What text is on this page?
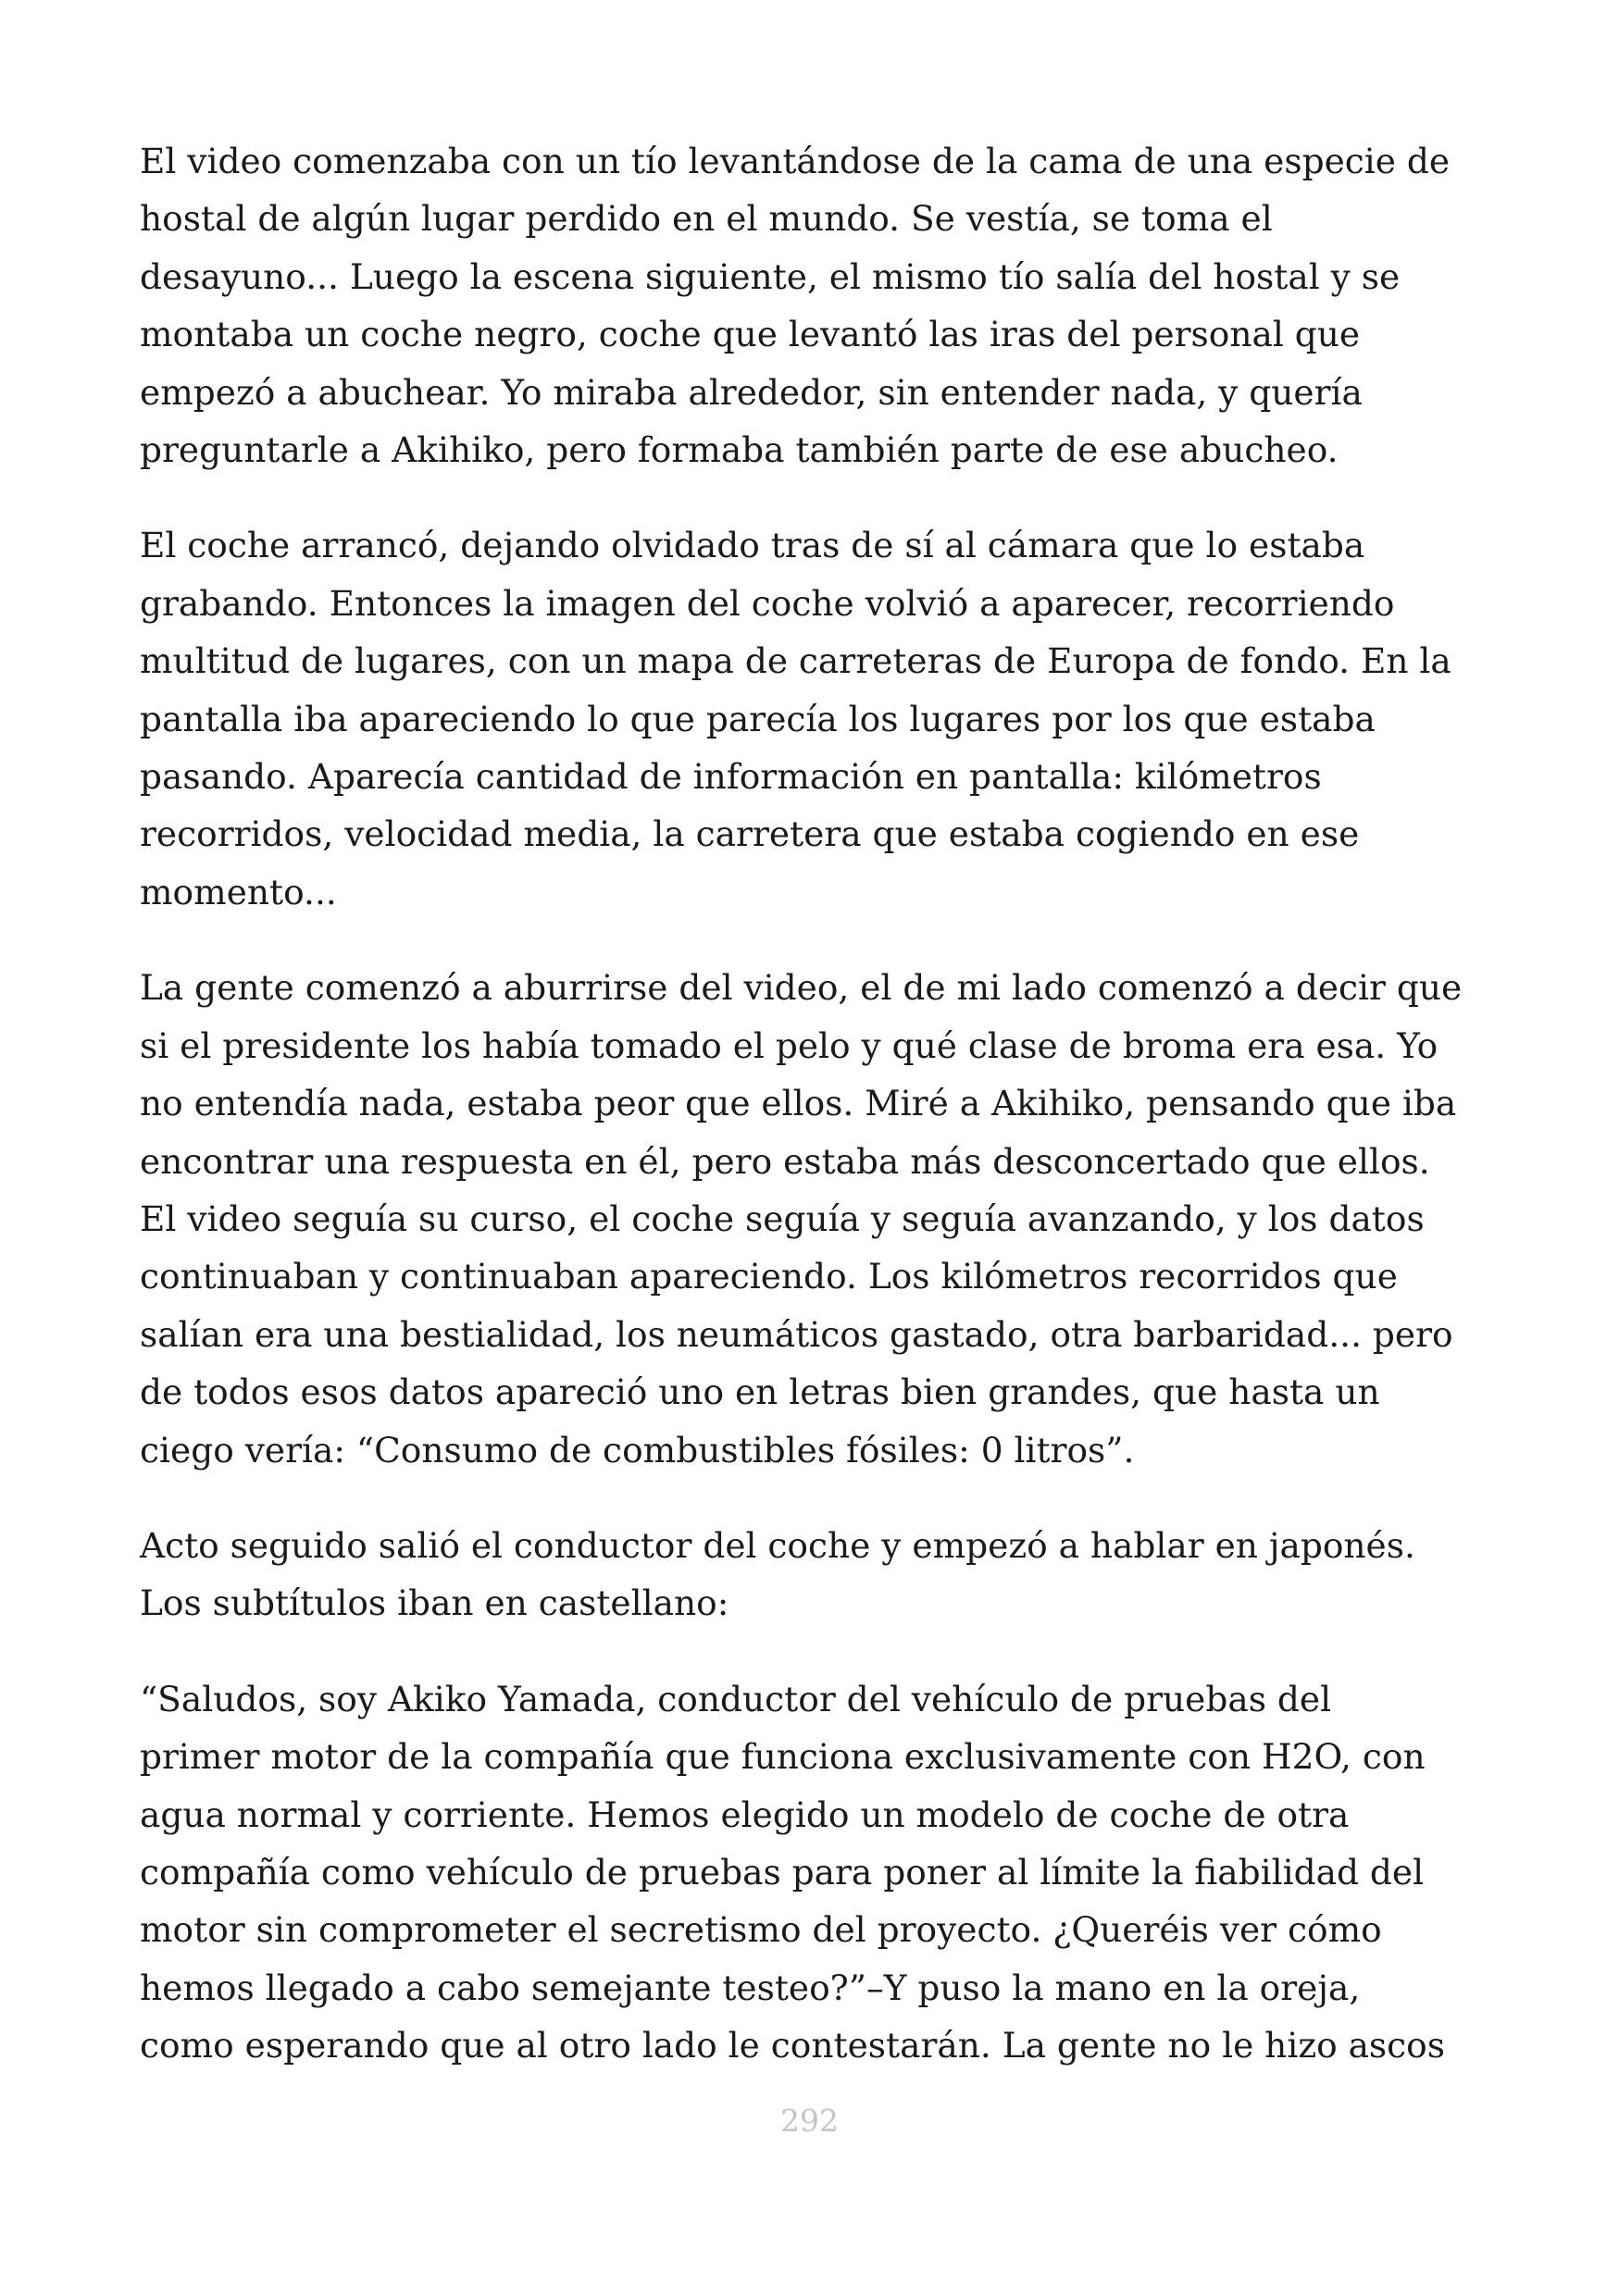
El video comenzaba con un tío levantándose de la cama de una especie de
hostal de algún lugar perdido en el mundo. Se vestía, se toma el
desayuno... Luego la escena siguiente, el mismo tío salía del hostal y se
montaba un coche negro, coche que levantó las iras del personal que
empezó a abuchear. Yo miraba alrededor, sin entender nada, y quería
preguntarle a Akihiko, pero formaba también parte de ese abucheo.

El coche arrancó, dejando olvidado tras de sí al cámara que lo estaba
grabando. Entonces la imagen del coche volvió a aparecer, recorriendo
multitud de lugares, con un mapa de carreteras de Europa de fondo. En la
pantalla iba apareciendo lo que parecía los lugares por los que estaba
pasando. Aparecía cantidad de información en pantalla: kilómetros
recorridos, velocidad media, la carretera que estaba cogiendo en ese
momento...

La gente comenzó a aburrirse del video, el de mi lado comenzó a decir que
si el presidente los había tomado el pelo y qué clase de broma era esa. Yo
no entendía nada, estaba peor que ellos. Miré a Akihiko, pensando que iba
encontrar una respuesta en él, pero estaba más desconcertado que ellos.
El video seguía su curso, el coche seguía y seguía avanzando, y los datos
continuaban y continuaban apareciendo. Los kilómetros recorridos que
salían era una bestialidad, los neumáticos gastado, otra barbaridad... pero
de todos esos datos apareció uno en letras bien grandes, que hasta un
ciego vería: “Consumo de combustibles fósiles: 0 litros”.

Acto seguido salió el conductor del coche y empezó a hablar en japonés.
Los subtítulos iban en castellano:

“Saludos, soy Akiko Yamada, conductor del vehículo de pruebas del
primer motor de la compañía que funciona exclusivamente con H2O, con
agua normal y corriente. Hemos elegido un modelo de coche de otra
compañía como vehículo de pruebas para poner al límite la fiabilidad del
motor sin comprometer el secretismo del proyecto. ¿Queréis ver cómo
hemos llegado a cabo semejante testeo?”–Y puso la mano en la oreja,
como esperando que al otro lado le contestarán. La gente no le hizo ascos

292
